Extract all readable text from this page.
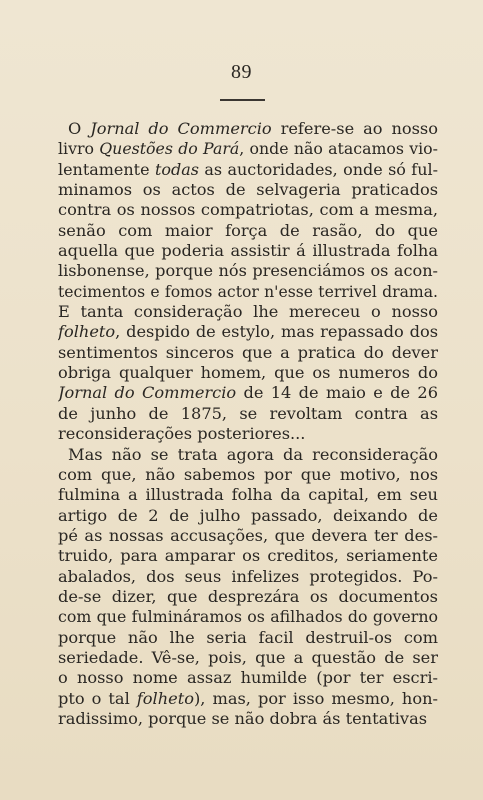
89
O Jornal do Commercio refere-se ao nosso
livro Questões do Pará, onde não atacamos vio-
lentamente todas as auctoridades, onde só ful-
minamos os actos de selvageria praticados
contra os nossos compatriotas, com a mesma,
senão com maior força de rasão, do que
aquella que poderia assistir á illustrada folha
lisbonense, porque nós presenciámos os acon-
tecimentos e fomos actor n'esse terrivel drama.
E tanta consideração lhe mereceu o nosso
folheto, despido de estylo, mas repassado dos
sentimentos sinceros que a pratica do dever
obriga qualquer homem, que os numeros do
Jornal do Commercio de 14 de maio e de 26
de junho de 1875, se revoltam contra as
reconsiderações posteriores...
Mas não se trata agora da reconsideração
com que, não sabemos por que motivo, nos
fulmina a illustrada folha da capital, em seu
artigo de 2 de julho passado, deixando de
pé as nossas accusações, que devera ter des-
truido, para amparar os creditos, seriamente
abalados, dos seus infelizes protegidos. Po-
de-se dizer, que desprezára os documentos
com que fulmináramos os afilhados do governo
porque não lhe seria facil destruil-os com
seriedade. Vê-se, pois, que a questão de ser
o nosso nome assaz humilde (por ter escri-
pto o tal folheto), mas, por isso mesmo, hon-
radissimo, porque se não dobra ás tentativas
